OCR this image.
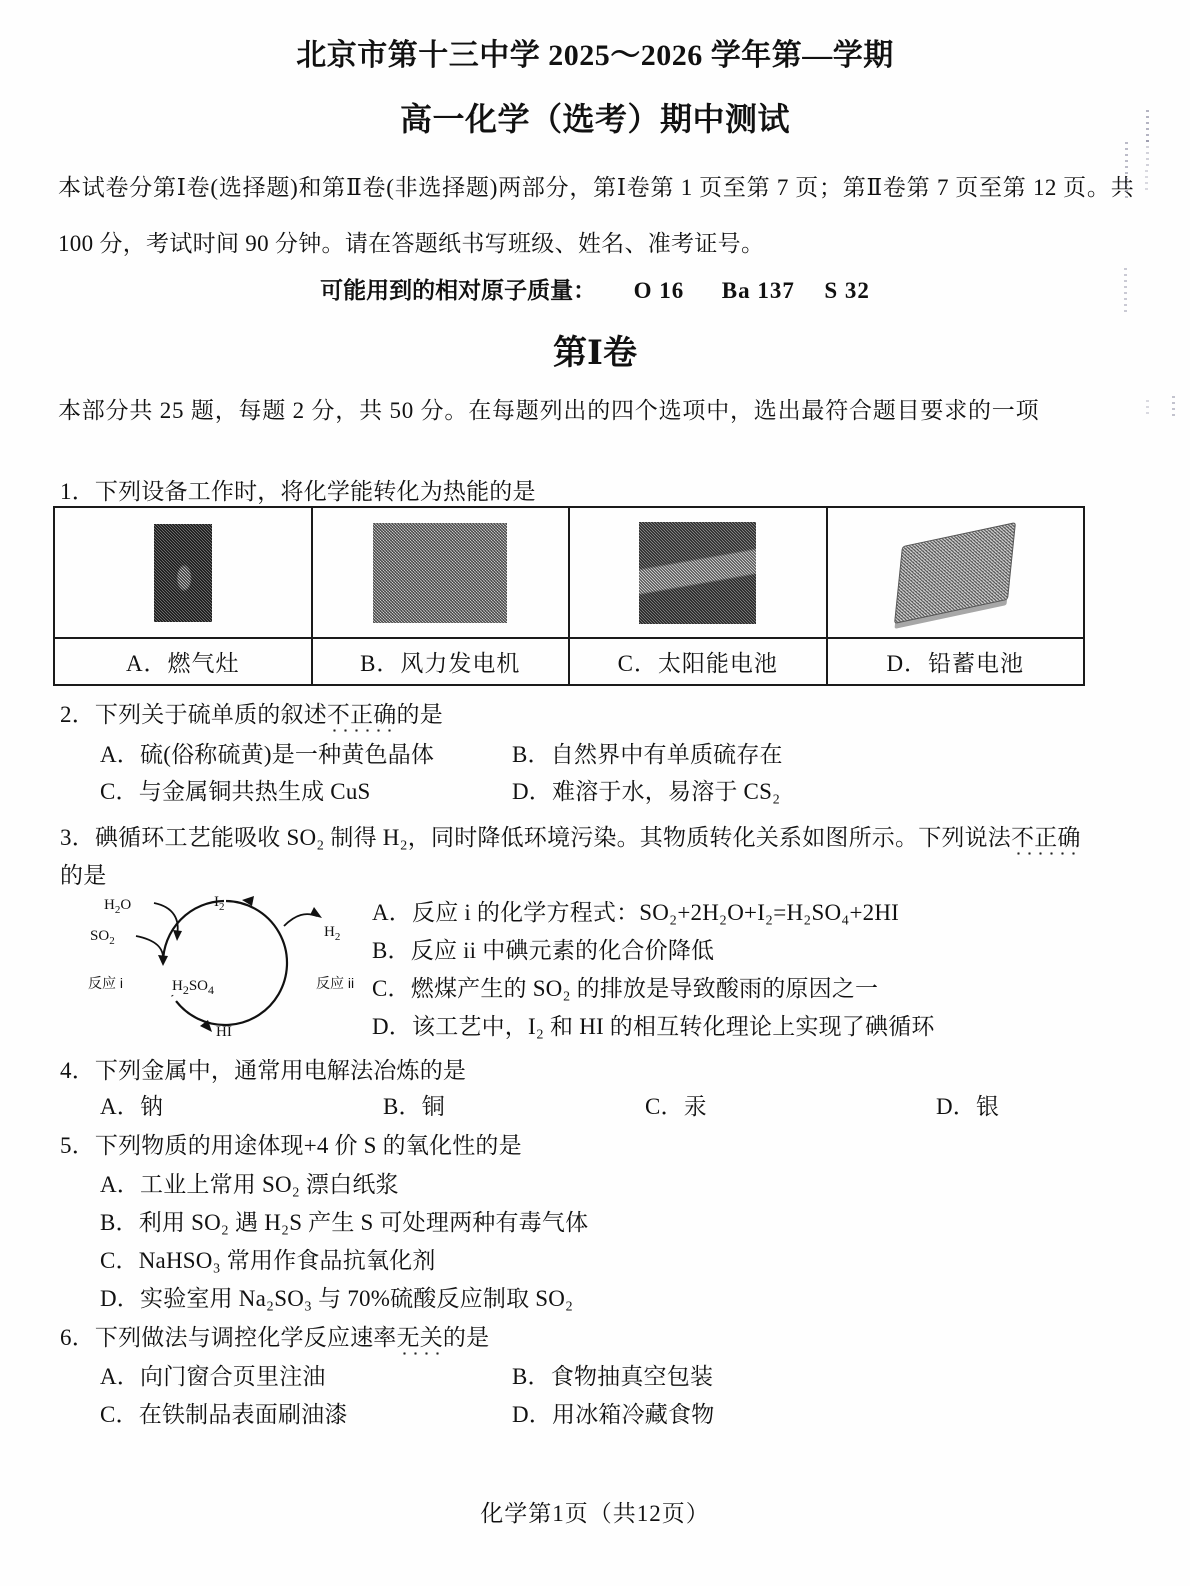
北京市第十三中学 2025～2026 学年第—学期
高一化学（选考）期中测试
本试卷分第Ⅰ卷(选择题)和第Ⅱ卷(非选择题)两部分，第Ⅰ卷第 1 页至第 7 页；第Ⅱ卷第 7 页至第 12 页。共 100 分，考试时间 90 分钟。请在答题纸书写班级、姓名、准考证号。
可能用到的相对原子质量： O 16 Ba 137 S 32
第Ⅰ卷
本部分共 25 题，每题 2 分，共 50 分。在每题列出的四个选项中，选出最符合题目要求的一项
1．下列设备工作时，将化学能转化为热能的是
A．燃气灶	B．风力发电机	C．太阳能电池	D．铅蓄电池
2．下列关于硫单质的叙述不正确的是
A．硫(俗称硫黄)是一种黄色晶体	B．自然界中有单质硫存在
C．与金属铜共热生成 CuS	D．难溶于水，易溶于 CS₂
3．碘循环工艺能吸收 SO₂ 制得 H₂，同时降低环境污染。其物质转化关系如图所示。下列说法不正确
的是
$H_2O$
$SO_2$
$I_2$
$H_2$
$H_2SO_4$
HI
反应 i	反应 ii
A．反应 i 的化学方程式：SO₂+2H₂O+I₂=H₂SO₄+2HI
B．反应 ii 中碘元素的化合价降低
C．燃煤产生的 SO₂ 的排放是导致酸雨的原因之一
D．该工艺中，I₂ 和 HI 的相互转化理论上实现了碘循环
4．下列金属中，通常用电解法冶炼的是
A．钠	B．铜	C．汞	D．银
5．下列物质的用途体现+4 价 S 的氧化性的是
A．工业上常用 SO₂ 漂白纸浆
B．利用 SO₂ 遇 H₂S 产生 S 可处理两种有毒气体
C．NaHSO₃ 常用作食品抗氧化剂
D．实验室用 Na₂SO₃ 与 70%硫酸反应制取 SO₂
6．下列做法与调控化学反应速率无关的是
A．向门窗合页里注油	B．食物抽真空包装
C．在铁制品表面刷油漆	D．用冰箱冷藏食物
化学第1页（共12页）
